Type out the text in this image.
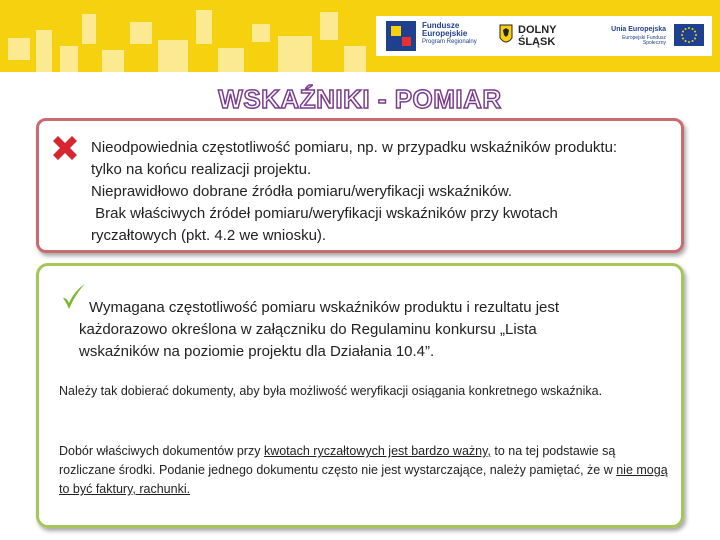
Fundusze
Europejskie
Program Regionalny
DOLNY
ŚLĄSK
Unia Europejska
Europejski Fundusz Społeczny
WSKAŹNIKI - POMIAR

Nieodpowiednia częstotliwość pomiaru, np. w przypadku wskaźników produktu:

tylko na końcu realizacji projektu.

Nieprawidłowo dobrane źródła pomiaru/weryfikacji wskaźników.

Brak właściwych źródeł pomiaru/weryfikacji wskaźników przy kwotach

ryczałtowych (pkt. 4.2 we wniosku).

Wymagana częstotliwość pomiaru wskaźników produktu i rezultatu jest

każdorazowo określona w załączniku do Regulaminu konkursu „Lista

wskaźników na poziomie projektu dla Działania 10.4”.

Należy tak dobierać dokumenty, aby była możliwość weryfikacji osiągania konkretnego wskaźnika.

Dobór właściwych dokumentów przy kwotach ryczałtowych jest bardzo ważny, to na tej podstawie są rozliczane środki. Podanie jednego dokumentu często nie jest wystarczające, należy pamiętać, że w nie mogą to być faktury, rachunki.
